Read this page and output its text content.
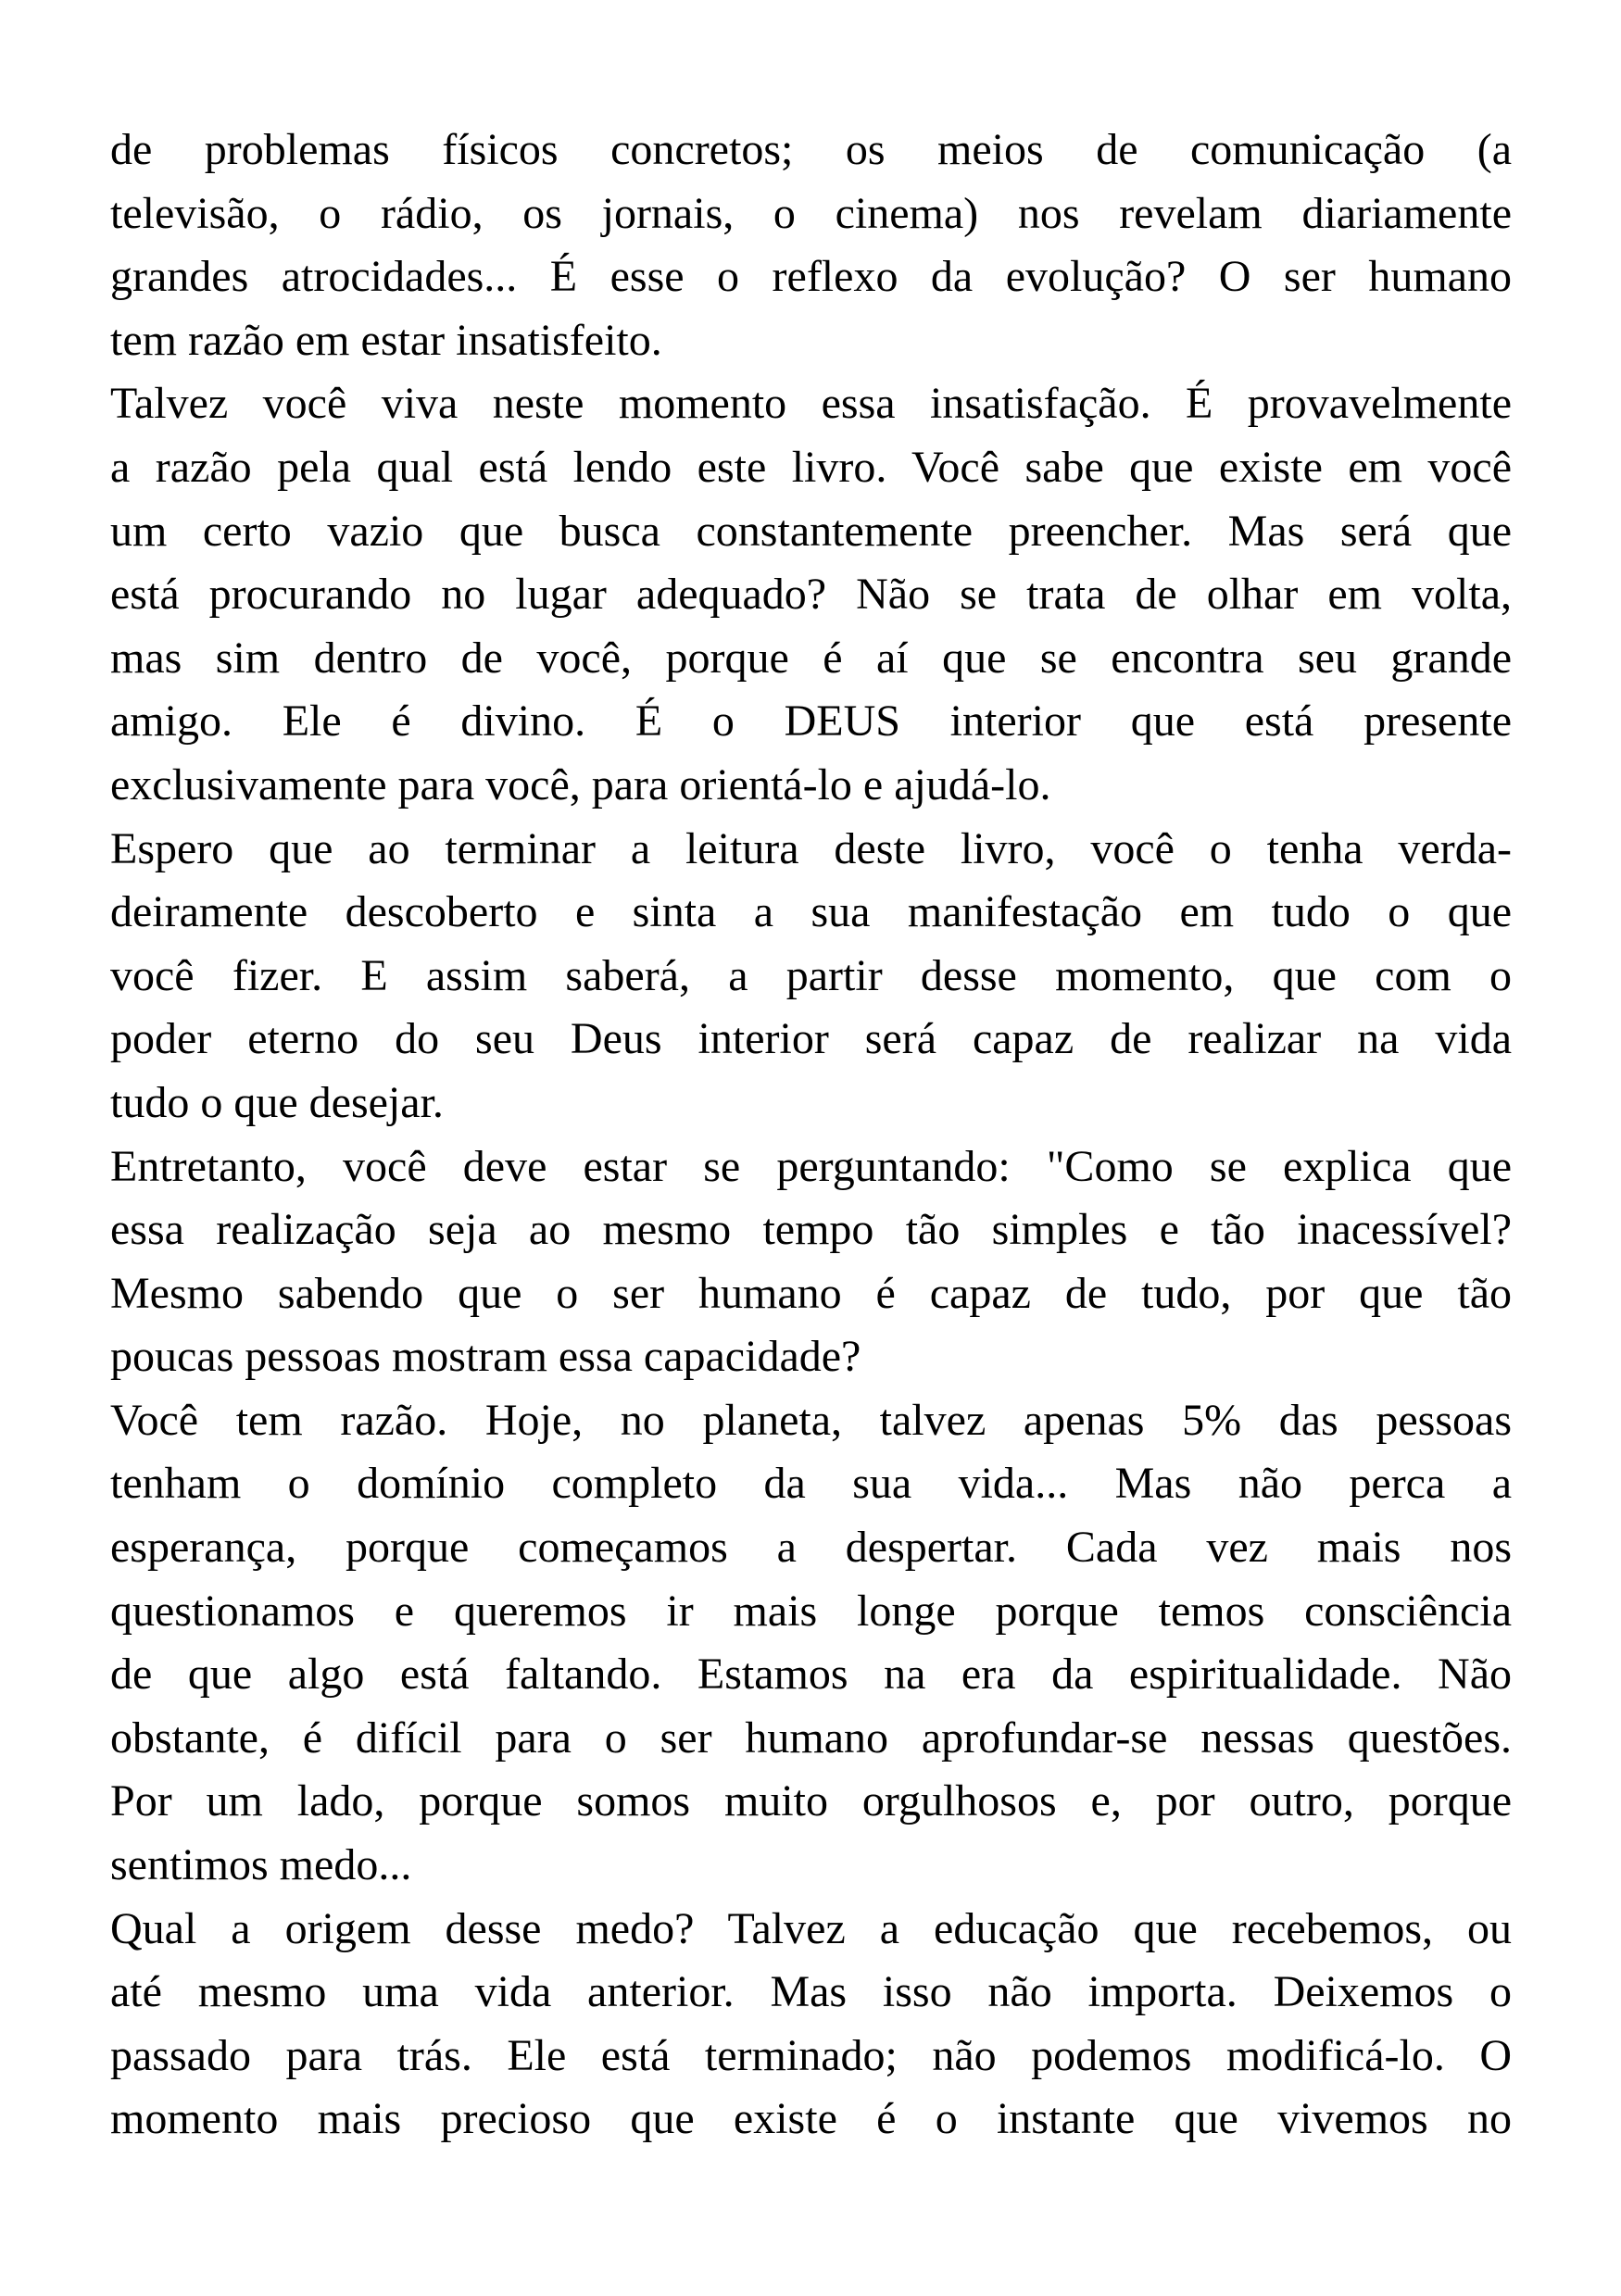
de problemas físicos concretos; os meios de comunicação (a
televisão, o rádio, os jornais, o cinema) nos revelam diariamente
grandes atrocidades... É esse o reflexo da evolução? O ser humano
tem razão em estar insatisfeito.
Talvez você viva neste momento essa insatisfação. É provavelmente
a razão pela qual está lendo este livro. Você sabe que existe em você
um certo vazio que busca constantemente preencher. Mas será que
está procurando no lugar adequado? Não se trata de olhar em volta,
mas sim dentro de você, porque é aí que se encontra seu grande
amigo. Ele é divino. É o DEUS interior que está presente
exclusivamente para você, para orientá-lo e ajudá-lo.
Espero que ao terminar a leitura deste livro, você o tenha verda-
deiramente descoberto e sinta a sua manifestação em tudo o que
você fizer. E assim saberá, a partir desse momento, que com o
poder eterno do seu Deus interior será capaz de realizar na vida
tudo o que desejar.
Entretanto, você deve estar se perguntando: "Como se explica que
essa realização seja ao mesmo tempo tão simples e tão inacessível?
Mesmo sabendo que o ser humano é capaz de tudo, por que tão
poucas pessoas mostram essa capacidade?
Você tem razão. Hoje, no planeta, talvez apenas 5% das pessoas
tenham o domínio completo da sua vida... Mas não perca a
esperança, porque começamos a despertar. Cada vez mais nos
questionamos e queremos ir mais longe porque temos consciência
de que algo está faltando. Estamos na era da espiritualidade. Não
obstante, é difícil para o ser humano aprofundar-se nessas questões.
Por um lado, porque somos muito orgulhosos e, por outro, porque
sentimos medo...
Qual a origem desse medo? Talvez a educação que recebemos, ou
até mesmo uma vida anterior. Mas isso não importa. Deixemos o
passado para trás. Ele está terminado; não podemos modificá-lo. O
momento mais precioso que existe é o instante que vivemos no
